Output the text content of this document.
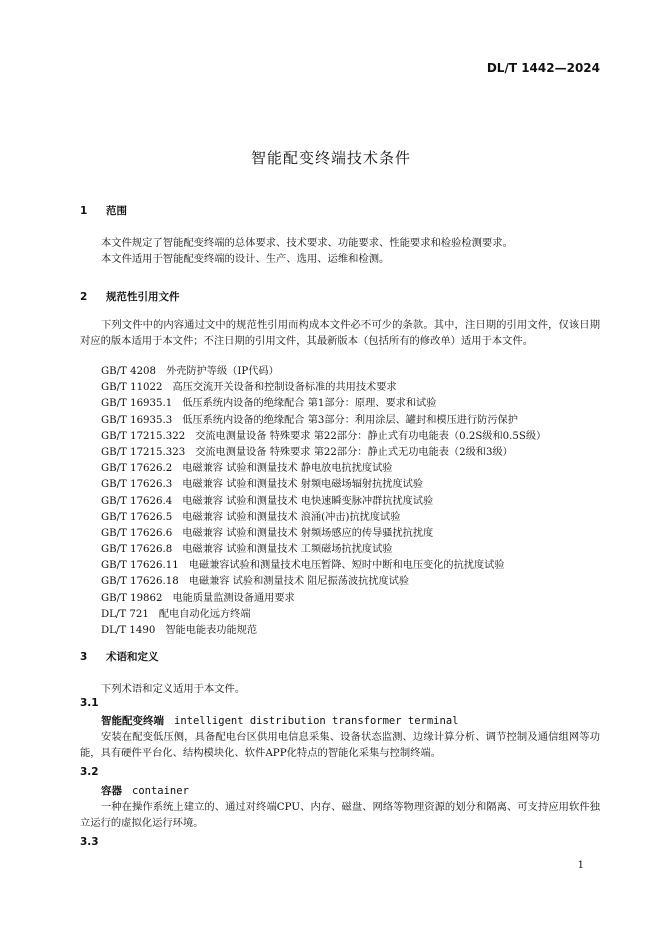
DL/T 1442—2024
智能配变终端技术条件
1 范围
本文件规定了智能配变终端的总体要求、技术要求、功能要求、性能要求和检验检测要求。
本文件适用于智能配变终端的设计、生产、选用、运维和检测。
2 规范性引用文件
下列文件中的内容通过文中的规范性引用而构成本文件必不可少的条款。其中，注日期的引用文件，仅该日期对应的版本适用于本文件；不注日期的引用文件，其最新版本（包括所有的修改单）适用于本文件。
GB/T 4208 外壳防护等级（IP代码）
GB/T 11022 高压交流开关设备和控制设备标准的共用技术要求
GB/T 16935.1 低压系统内设备的绝缘配合 第1部分：原理、要求和试验
GB/T 16935.3 低压系统内设备的绝缘配合 第3部分：利用涂层、罐封和模压进行防污保护
GB/T 17215.322 交流电测量设备 特殊要求 第22部分：静止式有功电能表（0.2S级和0.5S级）
GB/T 17215.323 交流电测量设备 特殊要求 第22部分：静止式无功电能表（2级和3级）
GB/T 17626.2 电磁兼容 试验和测量技术 静电放电抗扰度试验
GB/T 17626.3 电磁兼容 试验和测量技术 射频电磁场辐射抗扰度试验
GB/T 17626.4 电磁兼容 试验和测量技术 电快速瞬变脉冲群抗扰度试验
GB/T 17626.5 电磁兼容 试验和测量技术 浪涌(冲击)抗扰度试验
GB/T 17626.6 电磁兼容 试验和测量技术 射频场感应的传导骚扰抗扰度
GB/T 17626.8 电磁兼容 试验和测量技术 工频磁场抗扰度试验
GB/T 17626.11 电磁兼容试验和测量技术电压暂降、短时中断和电压变化的抗扰度试验
GB/T 17626.18 电磁兼容 试验和测量技术 阻尼振荡波抗扰度试验
GB/T 19862 电能质量监测设备通用要求
DL/T 721 配电自动化远方终端
DL/T 1490 智能电能表功能规范
3 术语和定义
下列术语和定义适用于本文件。
3.1
智能配变终端 intelligent distribution transformer terminal
安装在配变低压侧，具备配电台区供用电信息采集、设备状态监测、边缘计算分析、调节控制及通信组网等功能，具有硬件平台化、结构模块化、软件APP化特点的智能化采集与控制终端。
3.2
容器 container
一种在操作系统上建立的、通过对终端CPU、内存、磁盘、网络等物理资源的划分和隔离、可支持应用软件独立运行的虚拟化运行环境。
3.3
1
